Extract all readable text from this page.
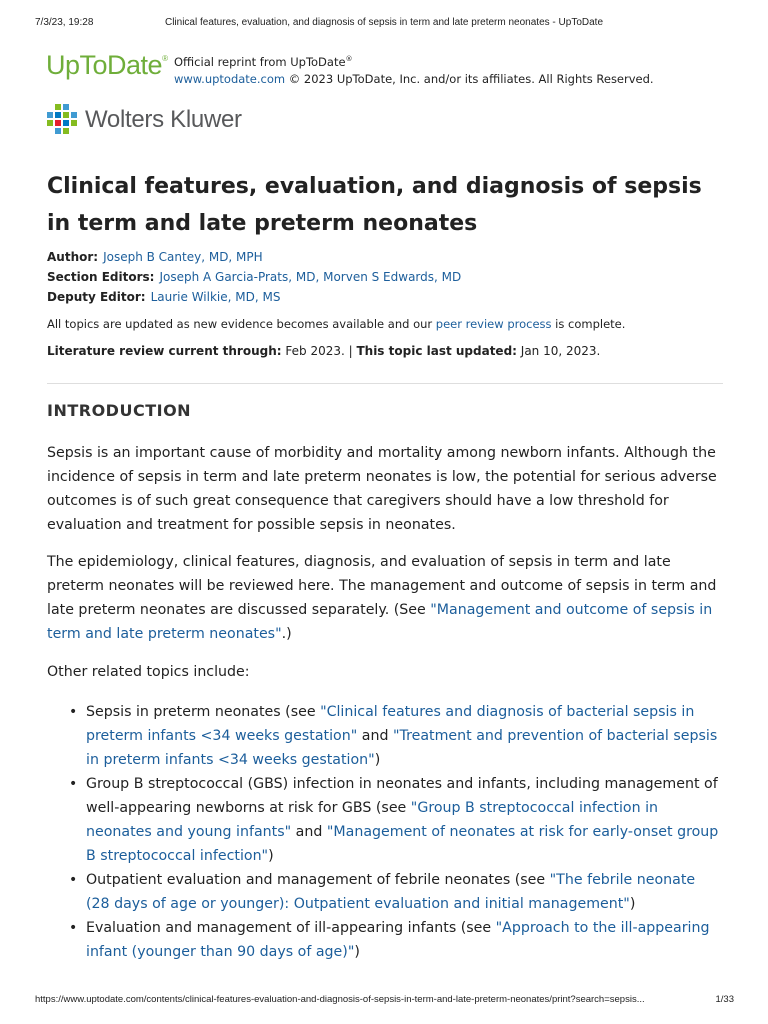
7/3/23, 19:28	Clinical features, evaluation, and diagnosis of sepsis in term and late preterm neonates - UpToDate
UpToDate® Official reprint from UpToDate®
www.uptodate.com © 2023 UpToDate, Inc. and/or its affiliates. All Rights Reserved.
Wolters Kluwer
Clinical features, evaluation, and diagnosis of sepsis in term and late preterm neonates
Author: Joseph B Cantey, MD, MPH
Section Editors: Joseph A Garcia-Prats, MD, Morven S Edwards, MD
Deputy Editor: Laurie Wilkie, MD, MS
All topics are updated as new evidence becomes available and our peer review process is complete.
Literature review current through: Feb 2023. | This topic last updated: Jan 10, 2023.
INTRODUCTION

Sepsis is an important cause of morbidity and mortality among newborn infants. Although the incidence of sepsis in term and late preterm neonates is low, the potential for serious adverse outcomes is of such great consequence that caregivers should have a low threshold for evaluation and treatment for possible sepsis in neonates.

The epidemiology, clinical features, diagnosis, and evaluation of sepsis in term and late preterm neonates will be reviewed here. The management and outcome of sepsis in term and late preterm neonates are discussed separately. (See "Management and outcome of sepsis in term and late preterm neonates".)

Other related topics include:

• Sepsis in preterm neonates (see "Clinical features and diagnosis of bacterial sepsis in preterm infants <34 weeks gestation" and "Treatment and prevention of bacterial sepsis in preterm infants <34 weeks gestation")
• Group B streptococcal (GBS) infection in neonates and infants, including management of well-appearing newborns at risk for GBS (see "Group B streptococcal infection in neonates and young infants" and "Management of neonates at risk for early-onset group B streptococcal infection")
• Outpatient evaluation and management of febrile neonates (see "The febrile neonate (28 days of age or younger): Outpatient evaluation and initial management")
• Evaluation and management of ill-appearing infants (see "Approach to the ill-appearing infant (younger than 90 days of age)")
https://www.uptodate.com/contents/clinical-features-evaluation-and-diagnosis-of-sepsis-in-term-and-late-preterm-neonates/print?search=sepsis...	1/33
